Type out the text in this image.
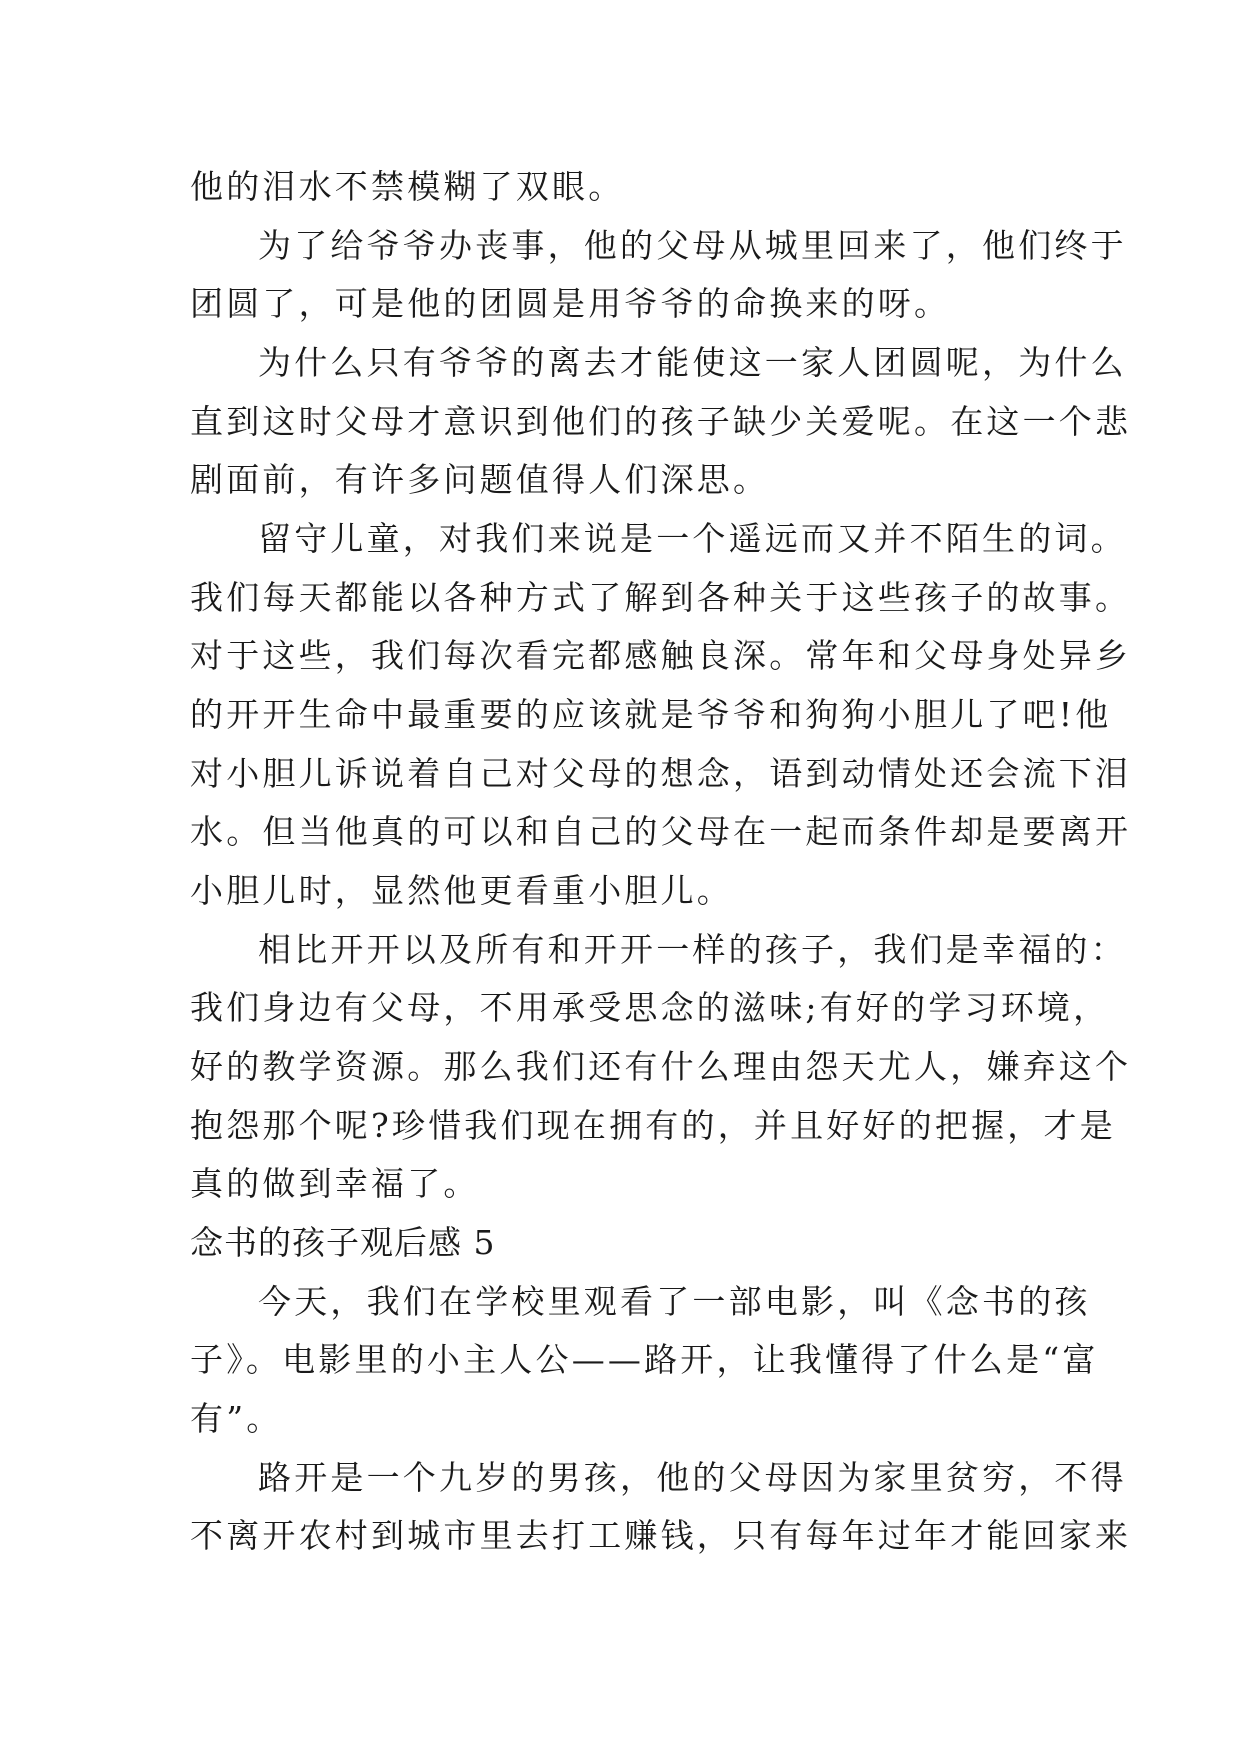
他的泪水不禁模糊了双眼。
为了给爷爷办丧事，他的父母从城里回来了，他们终于
团圆了，可是他的团圆是用爷爷的命换来的呀。
为什么只有爷爷的离去才能使这一家人团圆呢，为什么
直到这时父母才意识到他们的孩子缺少关爱呢。在这一个悲
剧面前，有许多问题值得人们深思。
留守儿童，对我们来说是一个遥远而又并不陌生的词。
我们每天都能以各种方式了解到各种关于这些孩子的故事。
对于这些，我们每次看完都感触良深。常年和父母身处异乡
的开开生命中最重要的应该就是爷爷和狗狗小胆儿了吧!他
对小胆儿诉说着自己对父母的想念，语到动情处还会流下泪
水。但当他真的可以和自己的父母在一起而条件却是要离开
小胆儿时，显然他更看重小胆儿。
相比开开以及所有和开开一样的孩子，我们是幸福的：
我们身边有父母，不用承受思念的滋味;有好的学习环境，
好的教学资源。那么我们还有什么理由怨天尤人，嫌弃这个
抱怨那个呢?珍惜我们现在拥有的，并且好好的把握，才是
真的做到幸福了。
念书的孩子观后感 5
今天，我们在学校里观看了一部电影，叫《念书的孩
子》。电影里的小主人公——路开，让我懂得了什么是“富
有”。
路开是一个九岁的男孩，他的父母因为家里贫穷，不得
不离开农村到城市里去打工赚钱，只有每年过年才能回家来
